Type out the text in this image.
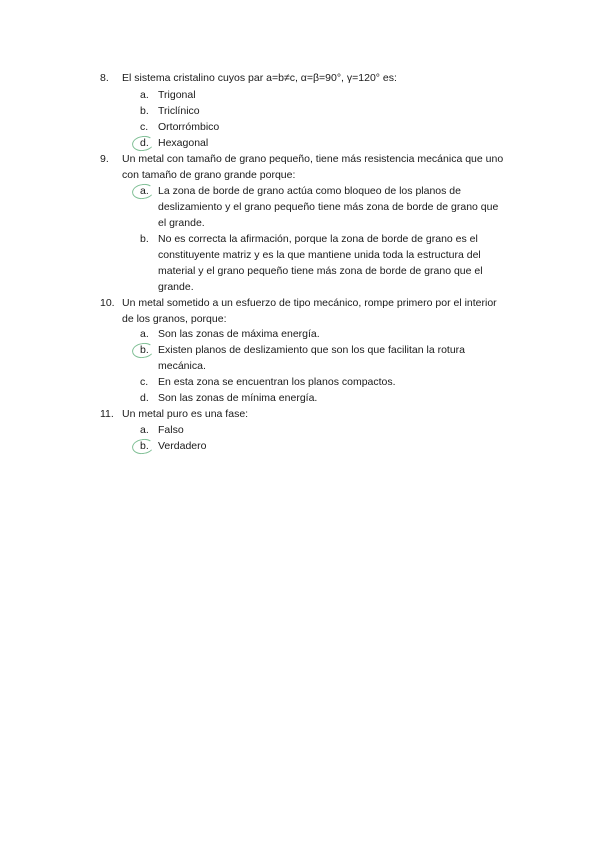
8.	El sistema cristalino cuyos par a=b≠c, α=β=90°, γ=120° es:
a. Trigonal
b. Triclínico
c. Ortorrómbico
d. Hexagonal
9.	Un metal con tamaño de grano pequeño, tiene más resistencia mecánica que uno con tamaño de grano grande porque:
a. La zona de borde de grano actúa como bloqueo de los planos de deslizamiento y el grano pequeño tiene más zona de borde de grano que el grande.
b. No es correcta la afirmación, porque la zona de borde de grano es el constituyente matriz y es la que mantiene unida toda la estructura del material y el grano pequeño tiene más zona de borde de grano que el grande.
10. Un metal sometido a un esfuerzo de tipo mecánico, rompe primero por el interior de los granos, porque:
a. Son las zonas de máxima energía.
b. Existen planos de deslizamiento que son los que facilitan la rotura mecánica.
c. En esta zona se encuentran los planos compactos.
d. Son las zonas de mínima energía.
11. Un metal puro es una fase:
a. Falso
b. Verdadero
